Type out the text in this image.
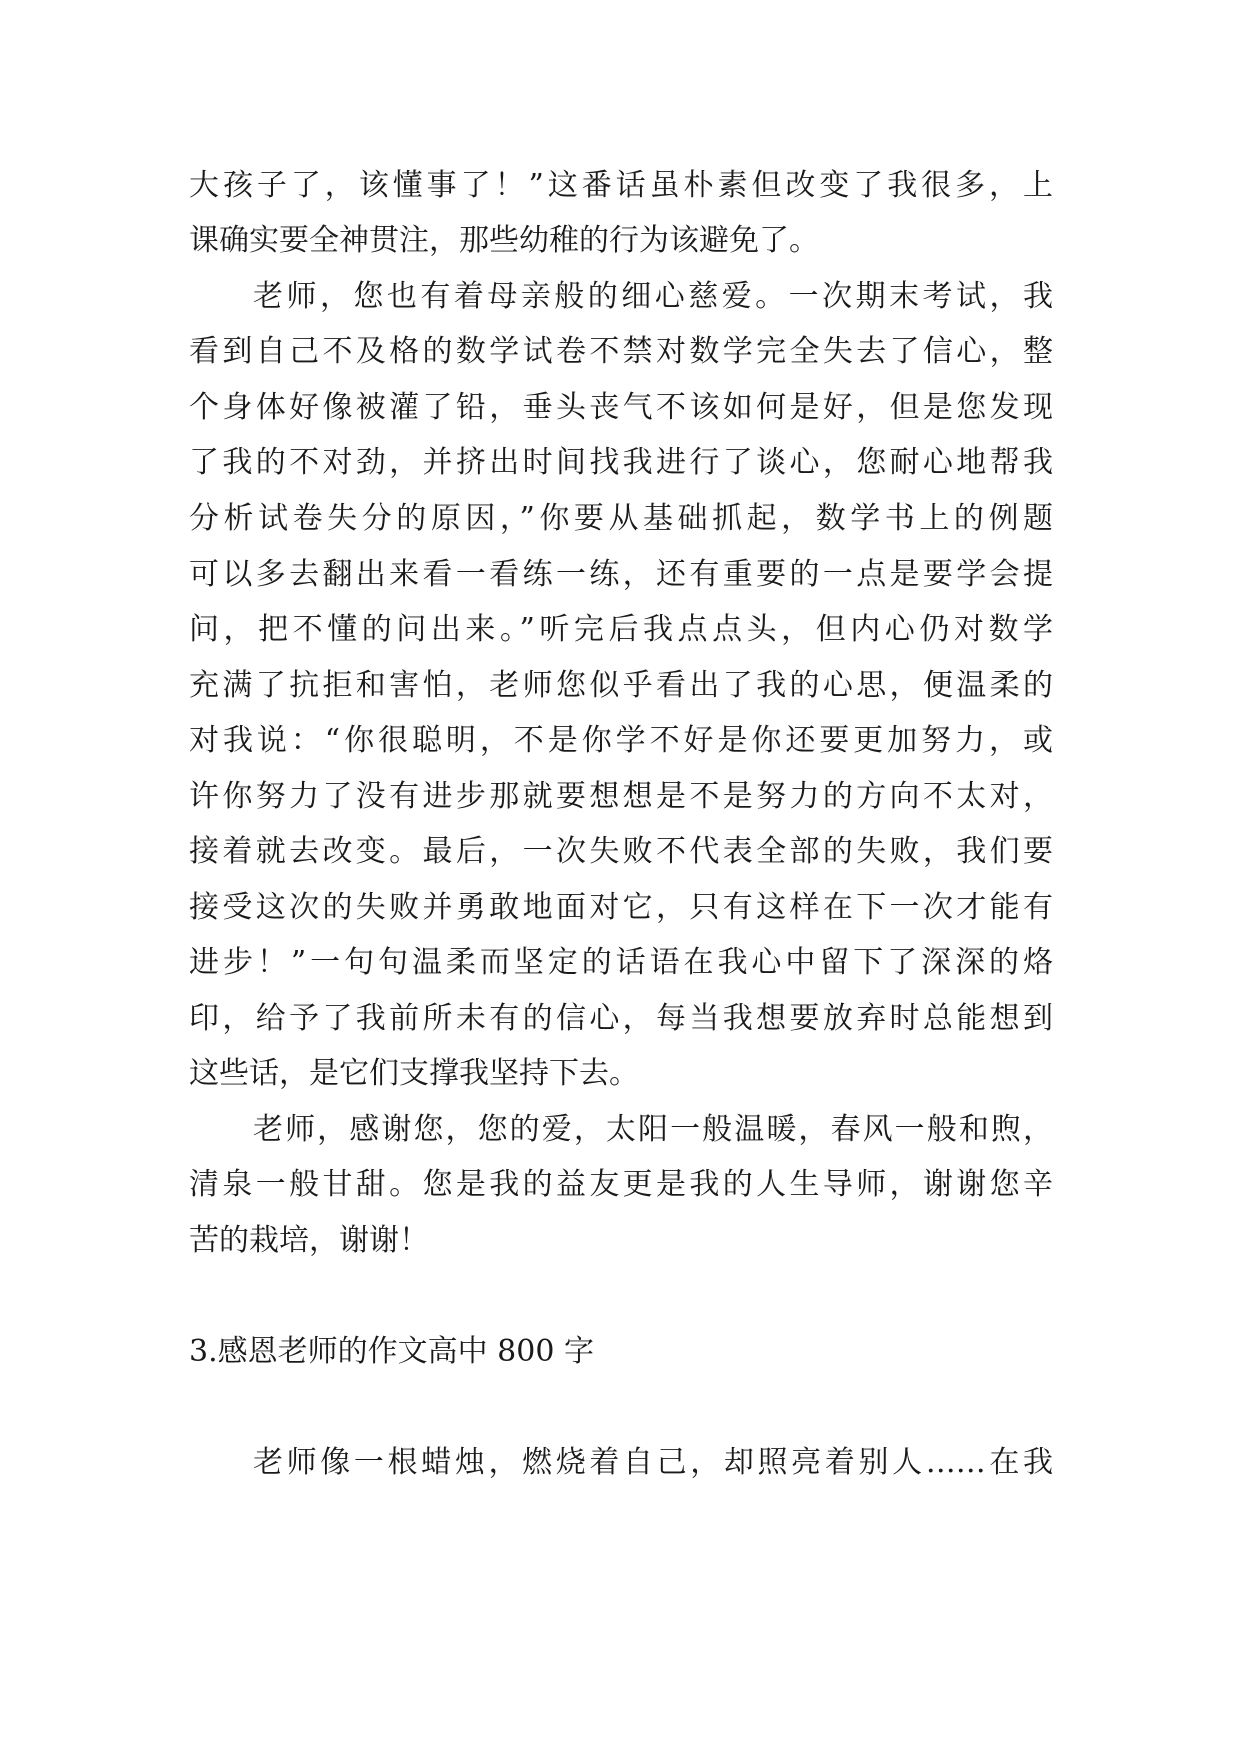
大孩子了，该懂事了！”这番话虽朴素但改变了我很多，上
课确实要全神贯注，那些幼稚的行为该避免了。
老师，您也有着母亲般的细心慈爱。一次期末考试，我
看到自己不及格的数学试卷不禁对数学完全失去了信心，整
个身体好像被灌了铅，垂头丧气不该如何是好，但是您发现
了我的不对劲，并挤出时间找我进行了谈心，您耐心地帮我
分析试卷失分的原因，”你要从基础抓起，数学书上的例题
可以多去翻出来看一看练一练，还有重要的一点是要学会提
问，把不懂的问出来。”听完后我点点头，但内心仍对数学
充满了抗拒和害怕，老师您似乎看出了我的心思，便温柔的
对我说：“你很聪明，不是你学不好是你还要更加努力，或
许你努力了没有进步那就要想想是不是努力的方向不太对，
接着就去改变。最后，一次失败不代表全部的失败，我们要
接受这次的失败并勇敢地面对它，只有这样在下一次才能有
进步！”一句句温柔而坚定的话语在我心中留下了深深的烙
印，给予了我前所未有的信心，每当我想要放弃时总能想到
这些话，是它们支撑我坚持下去。
老师，感谢您，您的爱，太阳一般温暖，春风一般和煦，
清泉一般甘甜。您是我的益友更是我的人生导师，谢谢您辛
苦的栽培，谢谢！
3.感恩老师的作文高中 800 字
老师像一根蜡烛，燃烧着自己，却照亮着别人……在我
